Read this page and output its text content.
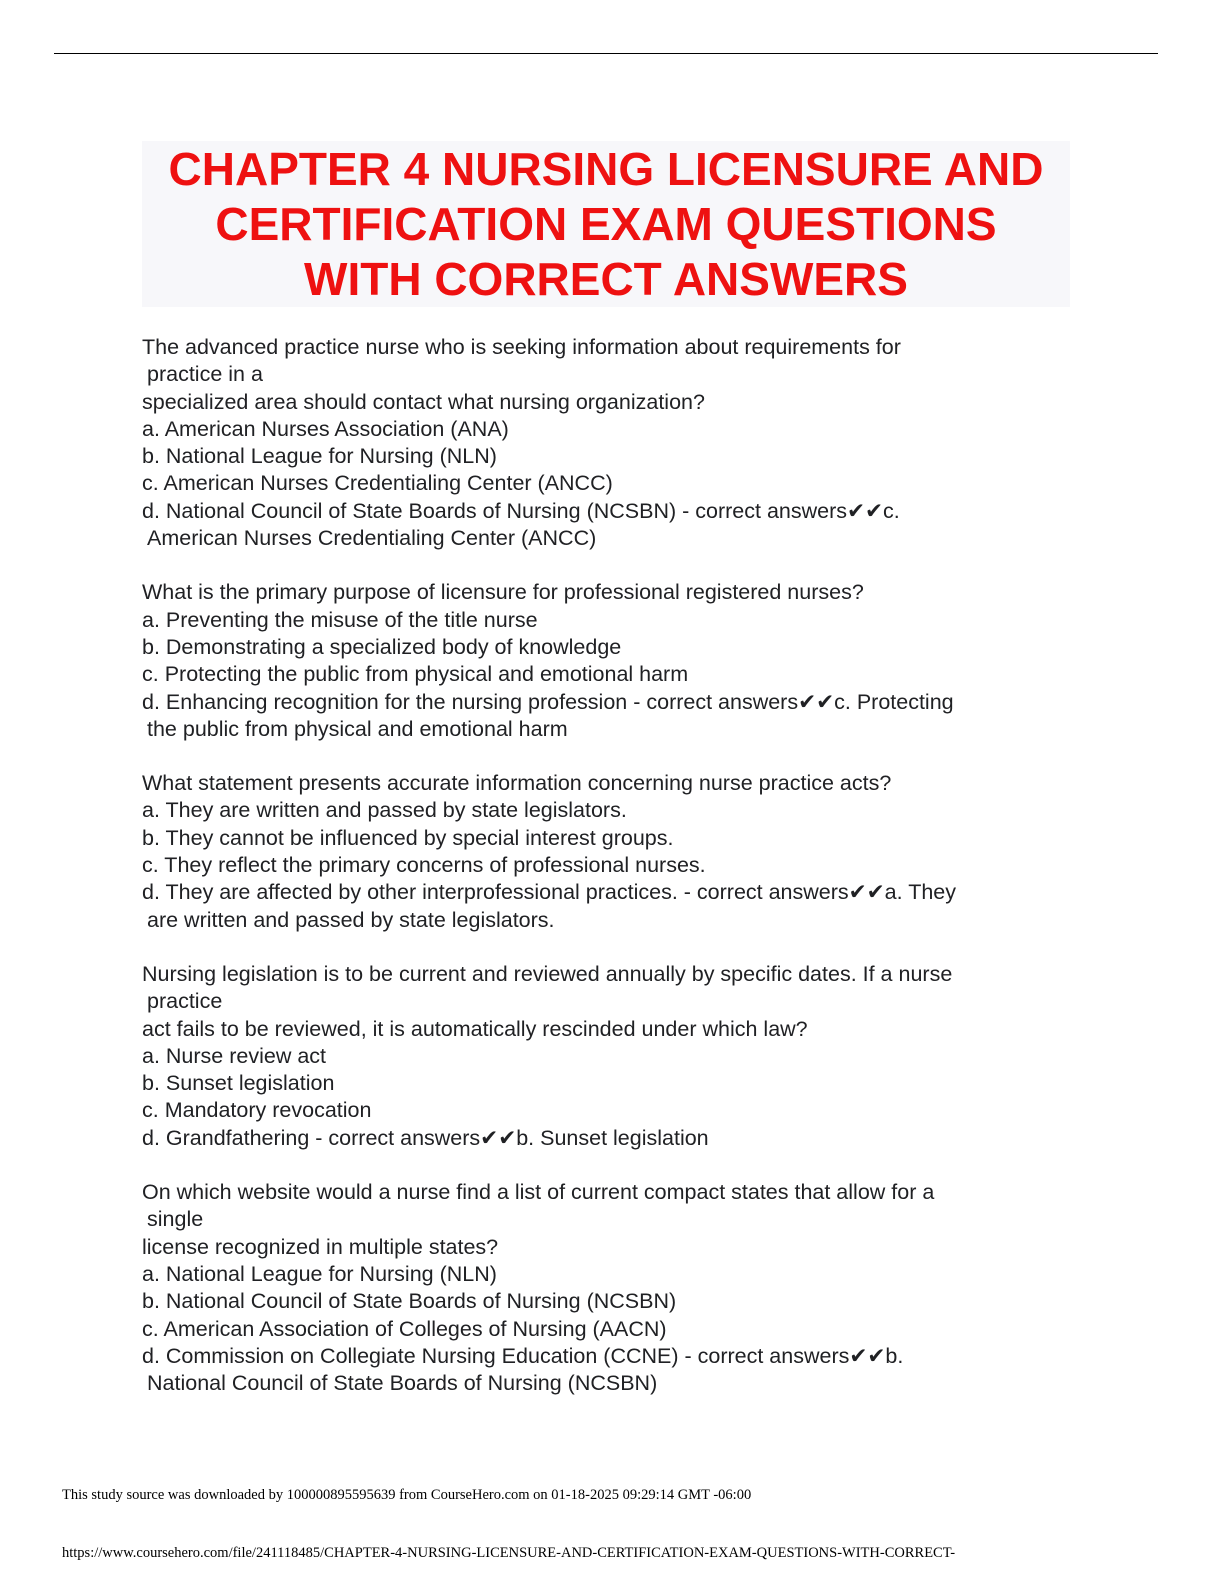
CHAPTER 4 NURSING LICENSURE AND
CERTIFICATION EXAM QUESTIONS
WITH CORRECT ANSWERS
The advanced practice nurse who is seeking information about requirements for
practice in a
specialized area should contact what nursing organization?
a. American Nurses Association (ANA)
b. National League for Nursing (NLN)
c. American Nurses Credentialing Center (ANCC)
d. National Council of State Boards of Nursing (NCSBN) - correct answers✔✔c.
American Nurses Credentialing Center (ANCC)
What is the primary purpose of licensure for professional registered nurses?
a. Preventing the misuse of the title nurse
b. Demonstrating a specialized body of knowledge
c. Protecting the public from physical and emotional harm
d. Enhancing recognition for the nursing profession - correct answers✔✔c. Protecting
the public from physical and emotional harm
What statement presents accurate information concerning nurse practice acts?
a. They are written and passed by state legislators.
b. They cannot be influenced by special interest groups.
c. They reflect the primary concerns of professional nurses.
d. They are affected by other interprofessional practices. - correct answers✔✔a. They
are written and passed by state legislators.
Nursing legislation is to be current and reviewed annually by specific dates. If a nurse
practice
act fails to be reviewed, it is automatically rescinded under which law?
a. Nurse review act
b. Sunset legislation
c. Mandatory revocation
d. Grandfathering - correct answers✔✔b. Sunset legislation
On which website would a nurse find a list of current compact states that allow for a
single
license recognized in multiple states?
a. National League for Nursing (NLN)
b. National Council of State Boards of Nursing (NCSBN)
c. American Association of Colleges of Nursing (AACN)
d. Commission on Collegiate Nursing Education (CCNE) - correct answers✔✔b.
National Council of State Boards of Nursing (NCSBN)
This study source was downloaded by 100000895595639 from CourseHero.com on 01-18-2025 09:29:14 GMT -06:00
https://www.coursehero.com/file/241118485/CHAPTER-4-NURSING-LICENSURE-AND-CERTIFICATION-EXAM-QUESTIONS-WITH-CORRECT-
